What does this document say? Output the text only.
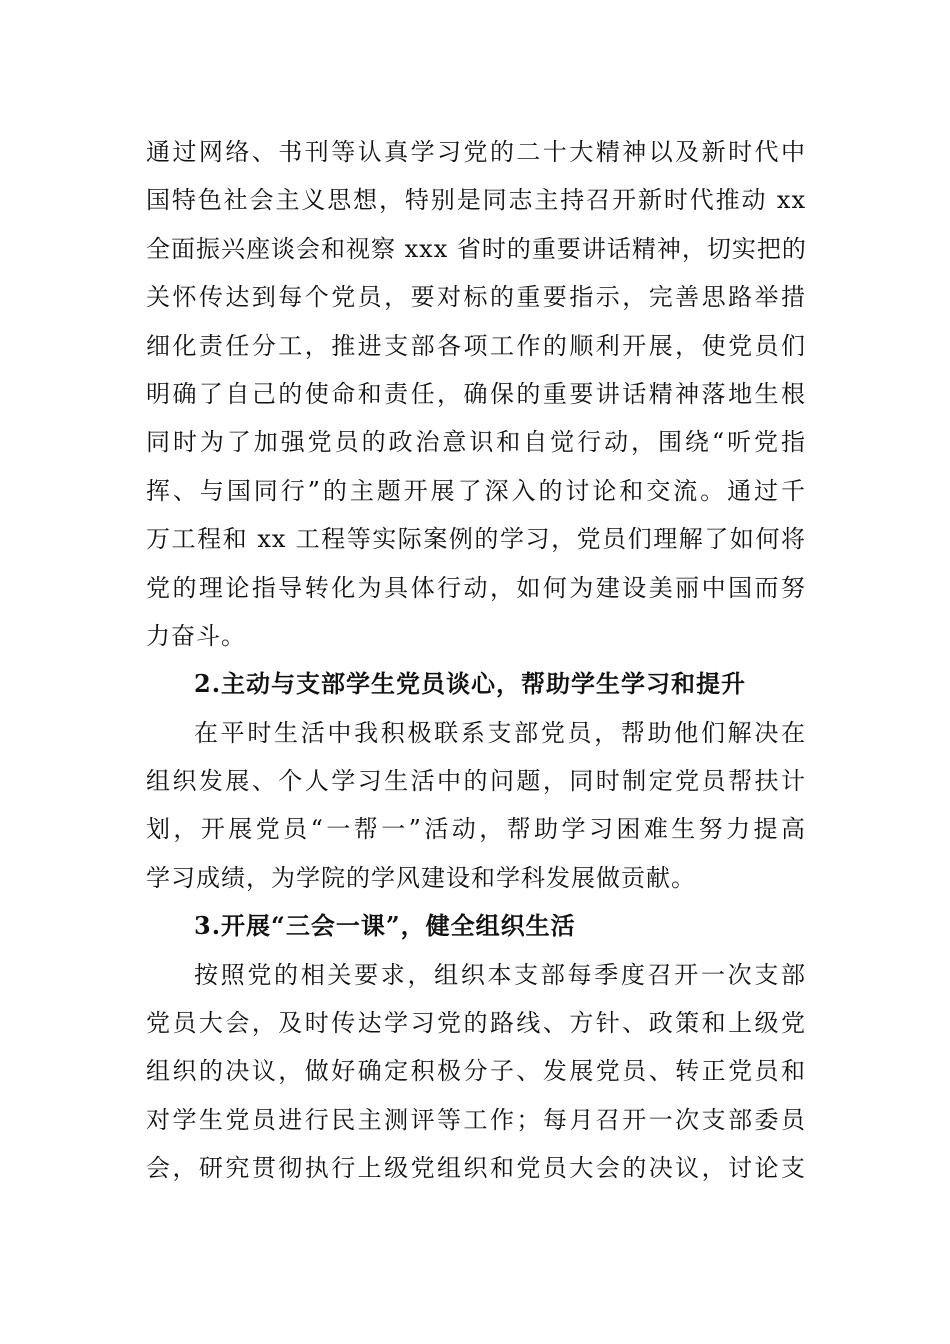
通过网络、书刊等认真学习党的二十大精神以及新时代中
国特色社会主义思想，特别是同志主持召开新时代推动 xx
全面振兴座谈会和视察 xxx 省时的重要讲话精神，切实把的
关怀传达到每个党员，要对标的重要指示，完善思路举措
细化责任分工，推进支部各项工作的顺利开展，使党员们
明确了自己的使命和责任，确保的重要讲话精神落地生根
同时为了加强党员的政治意识和自觉行动，围绕“听党指
挥、与国同行”的主题开展了深入的讨论和交流。通过千
万工程和 xx 工程等实际案例的学习，党员们理解了如何将
党的理论指导转化为具体行动，如何为建设美丽中国而努
力奋斗。
2.主动与支部学生党员谈心，帮助学生学习和提升
在平时生活中我积极联系支部党员，帮助他们解决在
组织发展、个人学习生活中的问题，同时制定党员帮扶计
划，开展党员“一帮一”活动，帮助学习困难生努力提高
学习成绩，为学院的学风建设和学科发展做贡献。
3.开展“三会一课”，健全组织生活
按照党的相关要求，组织本支部每季度召开一次支部
党员大会，及时传达学习党的路线、方针、政策和上级党
组织的决议，做好确定积极分子、发展党员、转正党员和
对学生党员进行民主测评等工作；每月召开一次支部委员
会，研究贯彻执行上级党组织和党员大会的决议，讨论支
